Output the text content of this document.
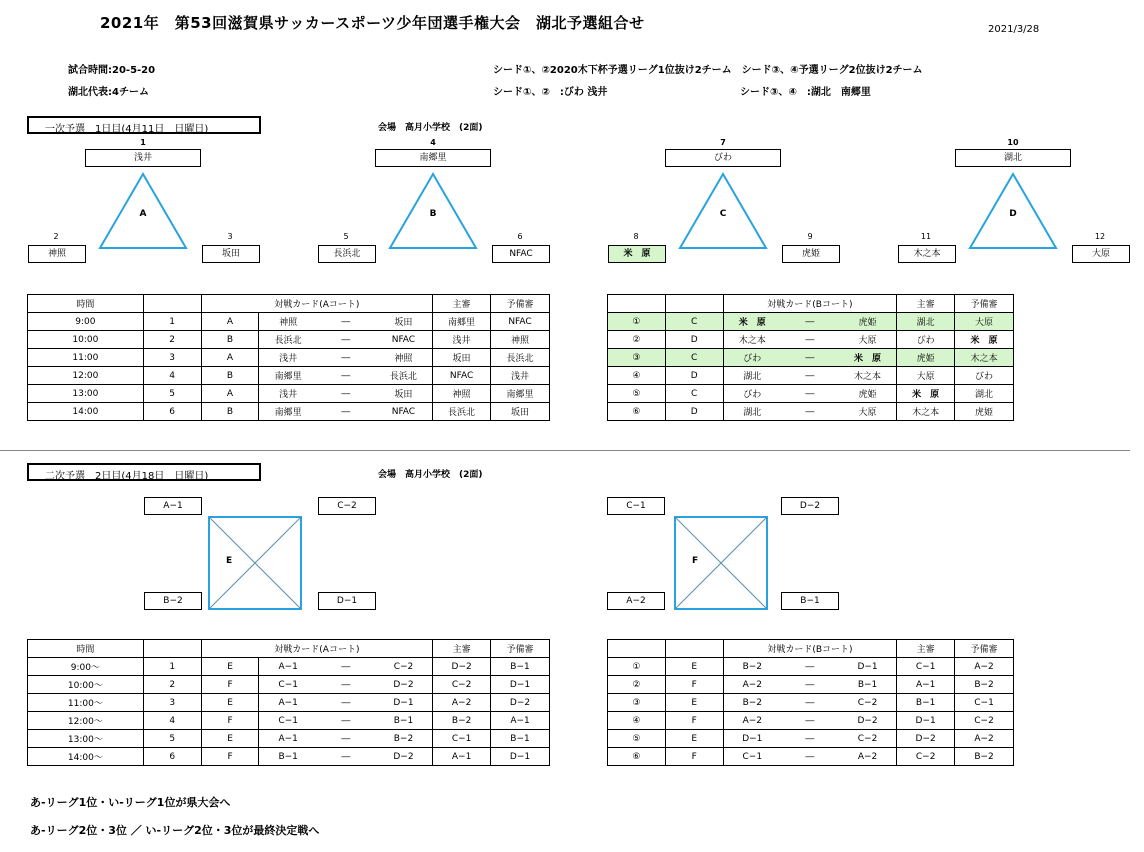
2021年　第53回滋賀県サッカースポーツ少年団選手権大会　湖北予選組合せ	2021/3/28
試合時間:20-5-20
湖北代表:4チーム
シード①、②2020木下杯予選リーグ1位抜け2チーム　シード③、④予選リーグ2位抜け2チーム
シード①、②　:びわ 浅井	シード③、④　:湖北　南郷里
一次予選　1日目(4月11日　日曜日)	会場　高月小学校　(2面)
1
浅井
A
2	3
神照	坂田
4
南郷里
B
5	6
長浜北	NFAC
7
びわ
C
8	9
米　原	虎姫
10
湖北
D
11	12
木之本	大原
時間		対戦カード(Aコート)				主審	予備審
9:00	1	A	神照	―	坂田	南郷里	NFAC
10:00	2	B	長浜北	―	NFAC	浅井	神照
11:00	3	A	浅井	―	神照	坂田	長浜北
12:00	4	B	南郷里	―	長浜北	NFAC	浅井
13:00	5	A	浅井	―	坂田	神照	南郷里
14:00	6	B	南郷里	―	NFAC	長浜北	坂田
		対戦カード(Bコート)			主審	予備審
①	C	米　原	―	虎姫	湖北	大原
②	D	木之本	―	大原	びわ	米　原
③	C	びわ	―	米　原	虎姫	木之本
④	D	湖北	―	木之本	大原	びわ
⑤	C	びわ	―	虎姫	米　原	湖北
⑥	D	湖北	―	大原	木之本	虎姫
二次予選　2日目(4月18日　日曜日)	会場　高月小学校　(2面)
A−1	C−2
B−2	D−1
E
C−1	D−2
A−2	B−1
F
時間		対戦カード(Aコート)				主審	予備審
9:00〜	1	E	A−1	―	C−2	D−2	B−1
10:00〜	2	F	C−1	―	D−2	C−2	D−1
11:00〜	3	E	A−1	―	D−1	A−2	D−2
12:00〜	4	F	C−1	―	B−1	B−2	A−1
13:00〜	5	E	A−1	―	B−2	C−1	B−1
14:00〜	6	F	B−1	―	D−2	A−1	D−1
		対戦カード(Bコート)			主審	予備審
①	E	B−2	―	D−1	C−1	A−2
②	F	A−2	―	B−1	A−1	B−2
③	E	B−2	―	C−2	B−1	C−1
④	F	A−2	―	D−2	D−1	C−2
⑤	E	D−1	―	C−2	D−2	A−2
⑥	F	C−1	―	A−2	C−2	B−2
あ-リーグ1位・い-リーグ1位が県大会へ
あ-リーグ2位・3位 ／ い-リーグ2位・3位が最終決定戦へ
